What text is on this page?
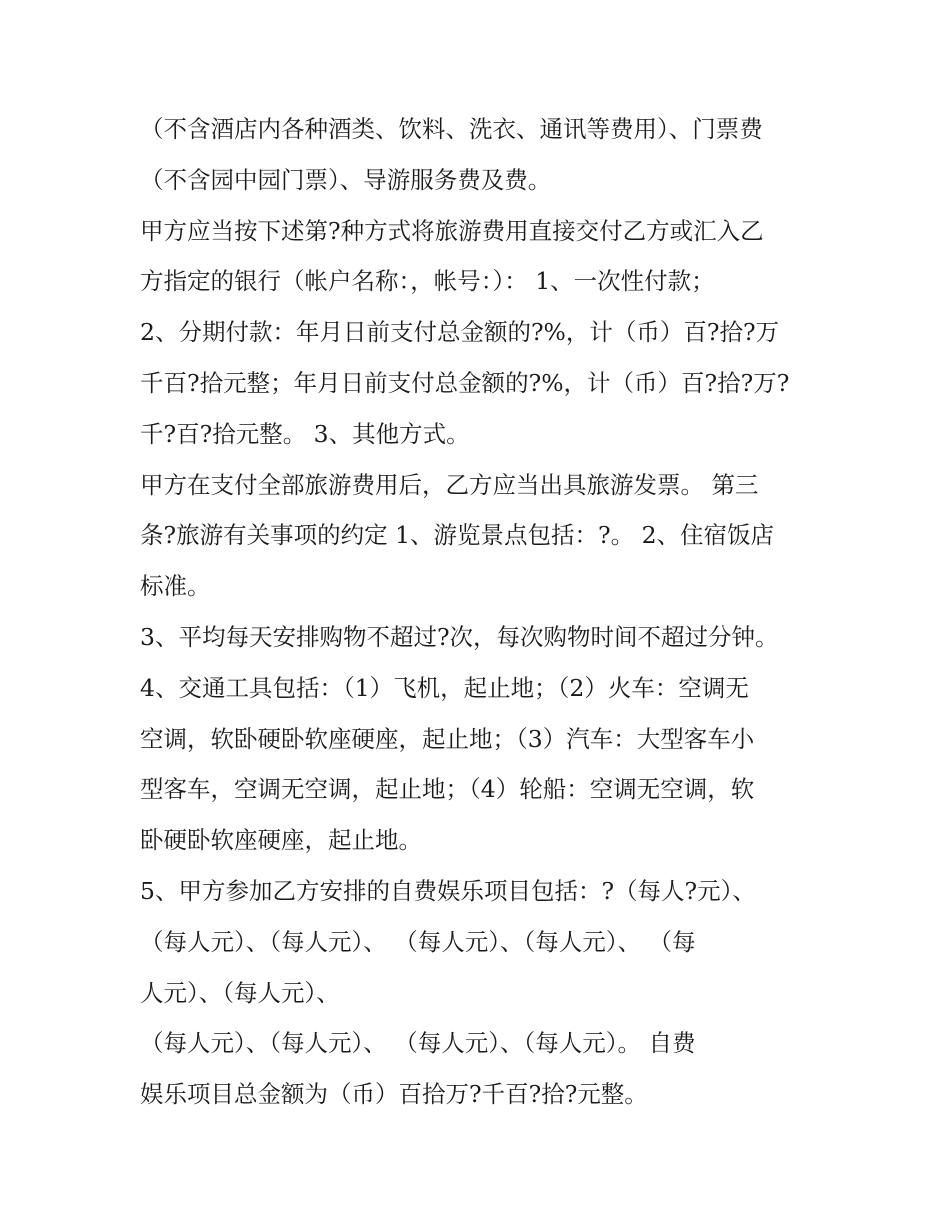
（不含酒店内各种酒类、饮料、洗衣、通讯等费用）、门票费
（不含园中园门票）、导游服务费及费。
甲方应当按下述第?种方式将旅游费用直接交付乙方或汇入乙
方指定的银行（帐户名称：，帐号：）： 1、一次性付款；
2、分期付款：年月日前支付总金额的?%，计（币）百?拾?万
千百?拾元整；年月日前支付总金额的?%，计（币）百?拾?万?
千?百?拾元整。 3、其他方式。
甲方在支付全部旅游费用后，乙方应当出具旅游发票。 第三
条?旅游有关事项的约定 1、游览景点包括：?。 2、住宿饭店
标准。
3、平均每天安排购物不超过?次，每次购物时间不超过分钟。
4、交通工具包括：（1）飞机，起止地；（2）火车：空调无
空调，软卧硬卧软座硬座，起止地；（3）汽车：大型客车小
型客车，空调无空调，起止地；（4）轮船：空调无空调，软
卧硬卧软座硬座，起止地。
5、甲方参加乙方安排的自费娱乐项目包括：?（每人?元）、
（每人元）、（每人元）、 （每人元）、（每人元）、 （每
人元）、（每人元）、
（每人元）、（每人元）、 （每人元）、（每人元）。 自费
娱乐项目总金额为（币）百拾万?千百?拾?元整。
